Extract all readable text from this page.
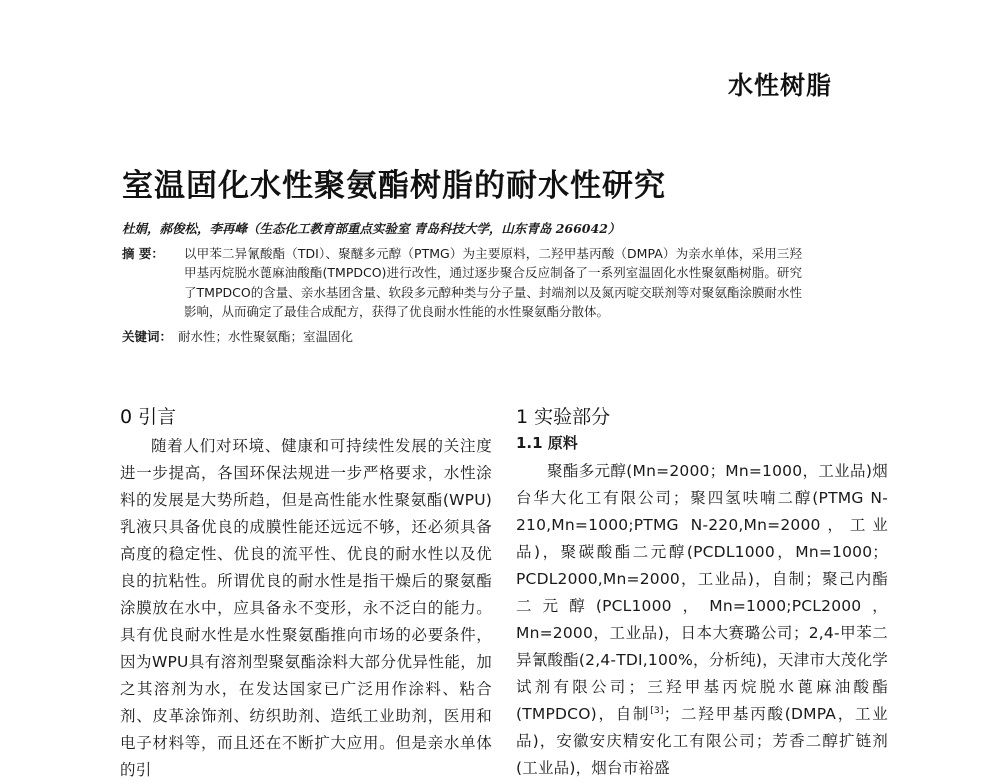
水性树脂
室温固化水性聚氨酯树脂的耐水性研究
杜娟，郝俊松，李再峰（生态化工教育部重点实验室 青岛科技大学，山东青岛 266042）
摘 要： 以甲苯二异氰酸酯（TDI）、聚醚多元醇（PTMG）为主要原料，二羟甲基丙酸（DMPA）为亲水单体，采用三羟甲基丙烷脱水蓖麻油酸酯(TMPDCO)进行改性，通过逐步聚合反应制备了一系列室温固化水性聚氨酯树脂。研究了TMPDCO的含量、亲水基团含量、软段多元醇种类与分子量、封端剂以及氮丙啶交联剂等对聚氨酯涂膜耐水性影响，从而确定了最佳合成配方，获得了优良耐水性能的水性聚氨酯分散体。
关键词： 耐水性；水性聚氨酯；室温固化
0 引言

随着人们对环境、健康和可持续性发展的关注度进一步提高，各国环保法规进一步严格要求，水性涂料的发展是大势所趋，但是高性能水性聚氨酯(WPU)乳液只具备优良的成膜性能还远远不够，还必须具备高度的稳定性、优良的流平性、优良的耐水性以及优良的抗粘性。所谓优良的耐水性是指干燥后的聚氨酯涂膜放在水中，应具备永不变形，永不泛白的能力。具有优良耐水性是水性聚氨酯推向市场的必要条件，因为WPU具有溶剂型聚氨酯涂料大部分优异性能，加之其溶剂为水，在发达国家已广泛用作涂料、粘合剂、皮革涂饰剂、纺织助剂、造纸工业助剂，医用和电子材料等，而且还在不断扩大应用。但是亲水单体的引

1 实验部分
1.1 原料

聚酯多元醇(Mn=2000；Mn=1000，工业品)烟台华大化工有限公司；聚四氢呋喃二醇(PTMG N-210,Mn=1000;PTMG N-220,Mn=2000，工业品)，聚碳酸酯二元醇(PCDL1000，Mn=1000；PCDL2000,Mn=2000，工业品)，自制；聚己内酯二元醇(PCL1000，Mn=1000;PCL2000，Mn=2000，工业品)，日本大赛璐公司；2,4-甲苯二异氰酸酯(2,4-TDI,100%，分析纯)，天津市大茂化学试剂有限公司；三羟甲基丙烷脱水蓖麻油酸酯(TMPDCO)，自制[3]；二羟甲基丙酸(DMPA，工业品)，安徽安庆精安化工有限公司；芳香二醇扩链剂(工业品)，烟台市裕盛
